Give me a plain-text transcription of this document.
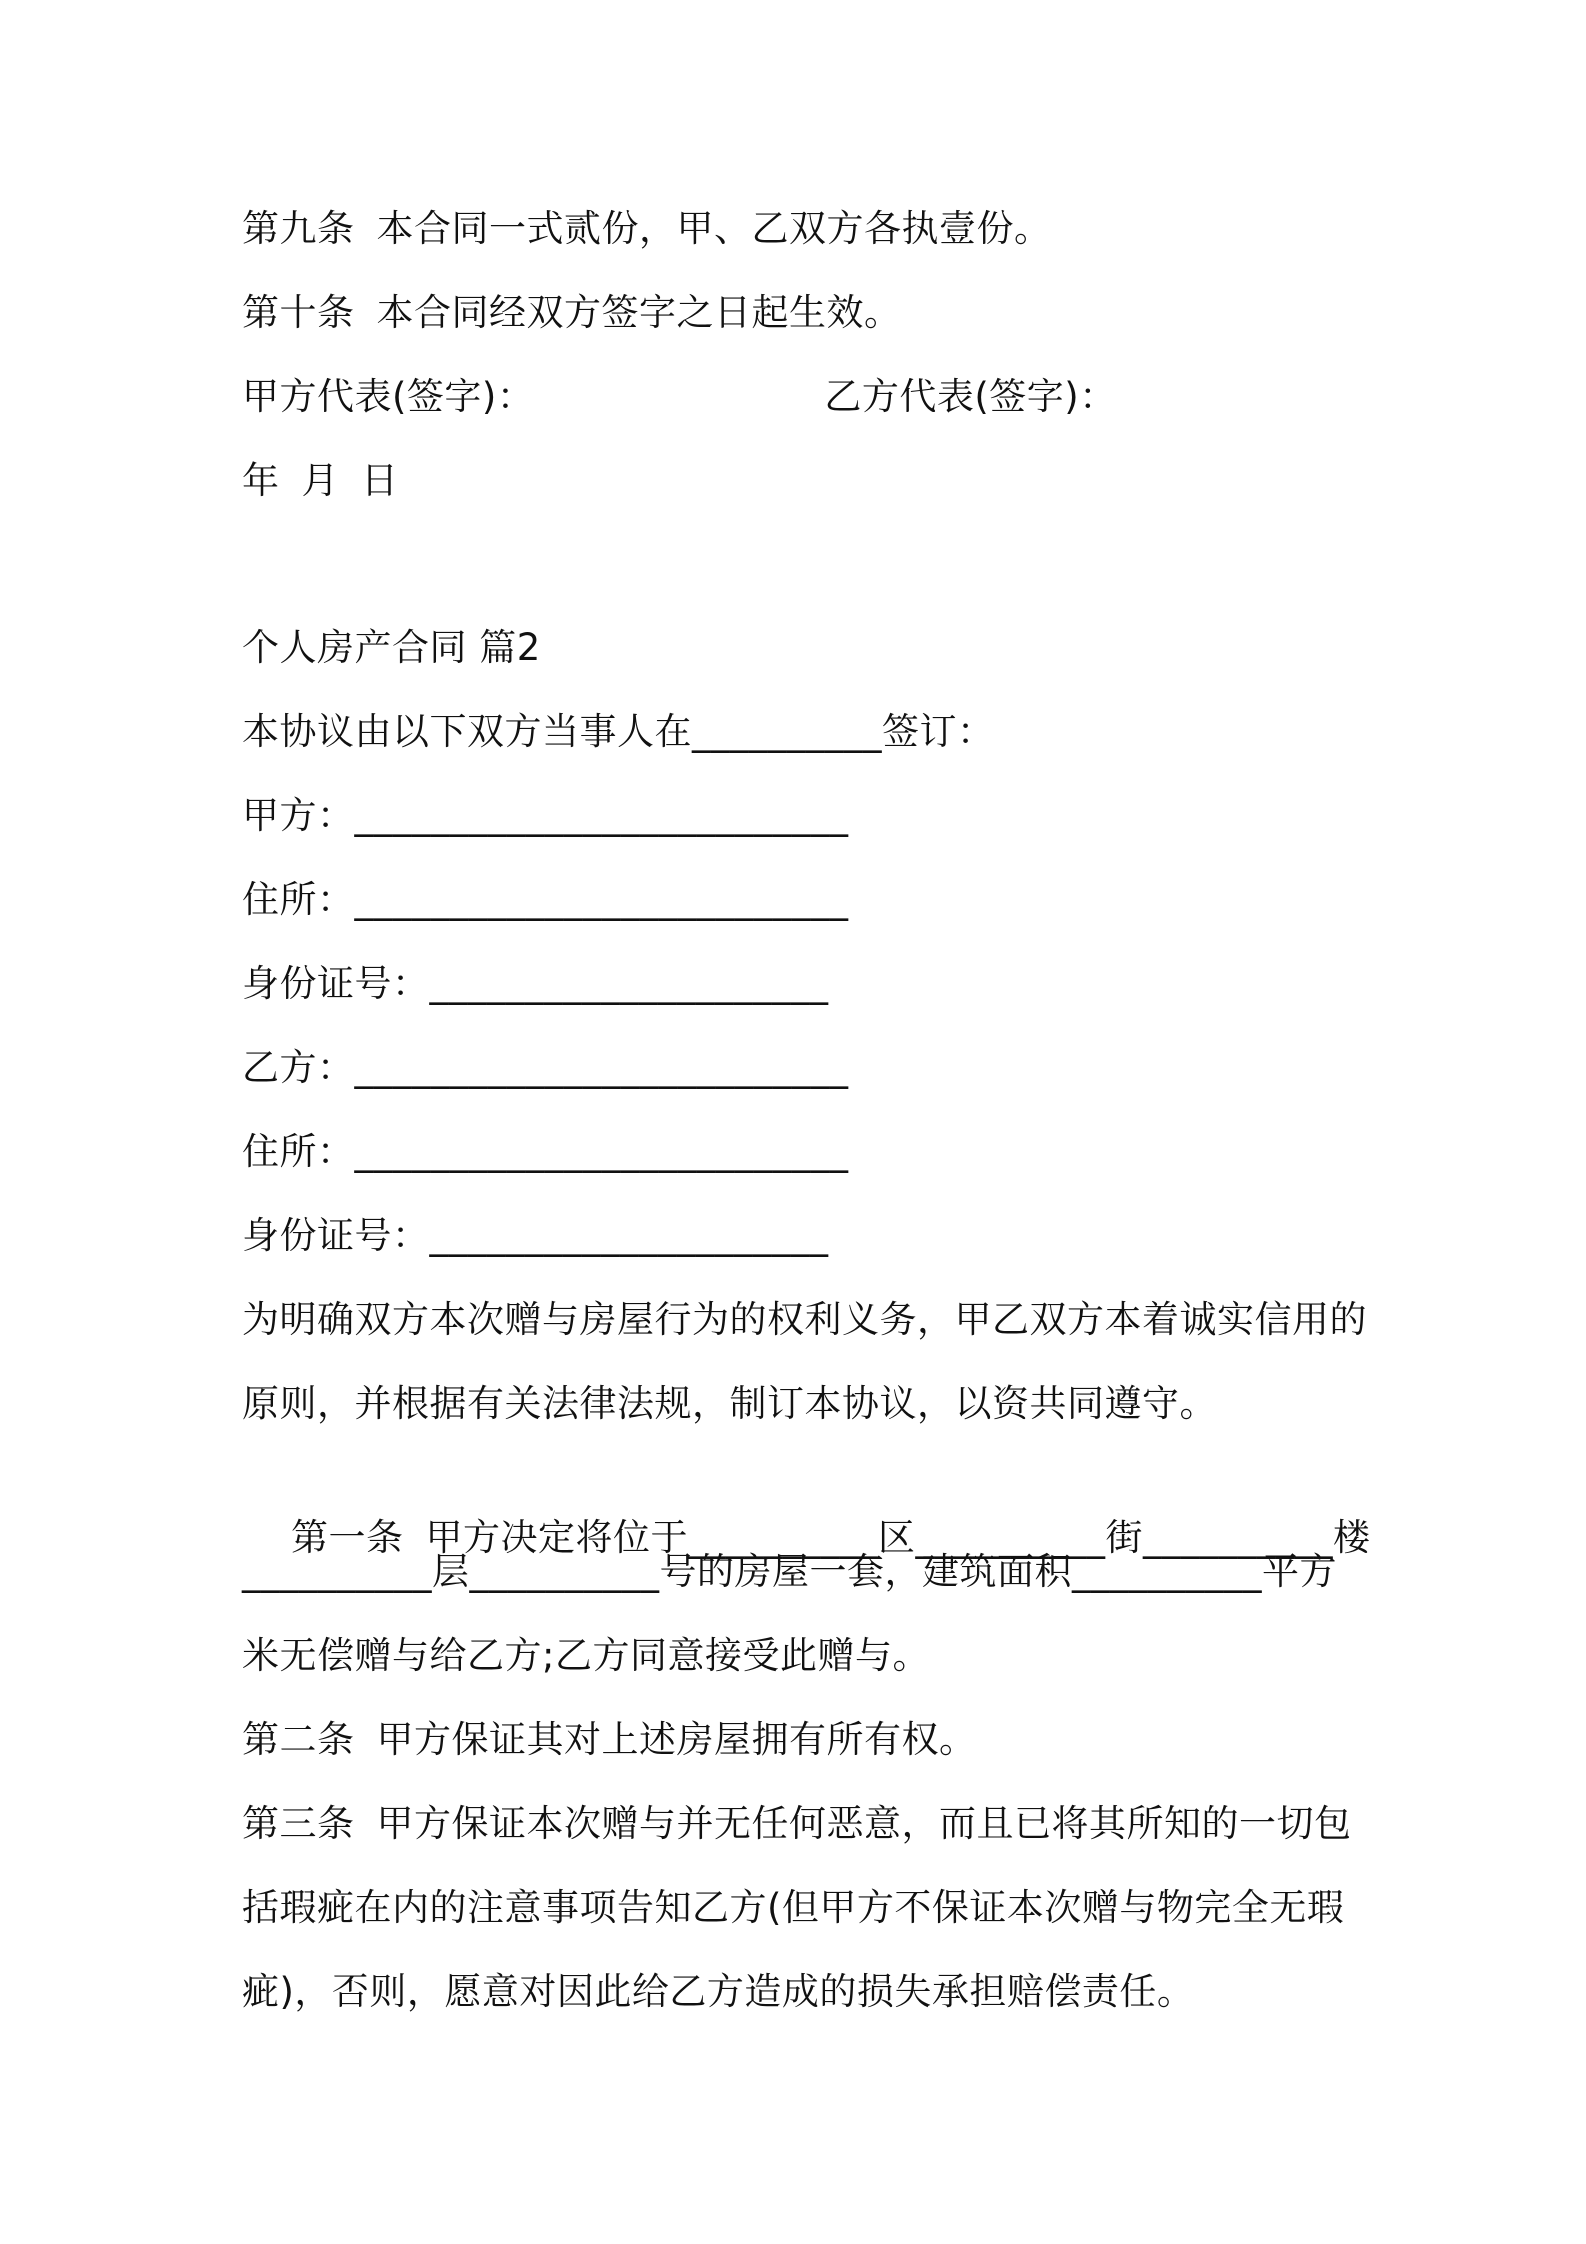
第九条 本合同一式贰份，甲、乙双方各执壹份。
第十条 本合同经双方签字之日起生效。
甲方代表(签字)：	乙方代表(签字)：
年 月 日
个人房产合同 篇2
本协议由以下双方当事人在__________签订：
甲方：__________________________
住所：__________________________
身份证号：_____________________
乙方：__________________________
住所：__________________________
身份证号：_____________________
为明确双方本次赠与房屋行为的权利义务，甲乙双方本着诚实信用的
原则，并根据有关法律法规，制订本协议，以资共同遵守。

第一条 甲方决定将位于__________区__________街__________楼

__________层__________号的房屋一套，建筑面积__________平方
米无偿赠与给乙方;乙方同意接受此赠与。
第二条 甲方保证其对上述房屋拥有所有权。
第三条 甲方保证本次赠与并无任何恶意，而且已将其所知的一切包
括瑕疵在内的注意事项告知乙方(但甲方不保证本次赠与物完全无瑕
疵)，否则，愿意对因此给乙方造成的损失承担赔偿责任。
